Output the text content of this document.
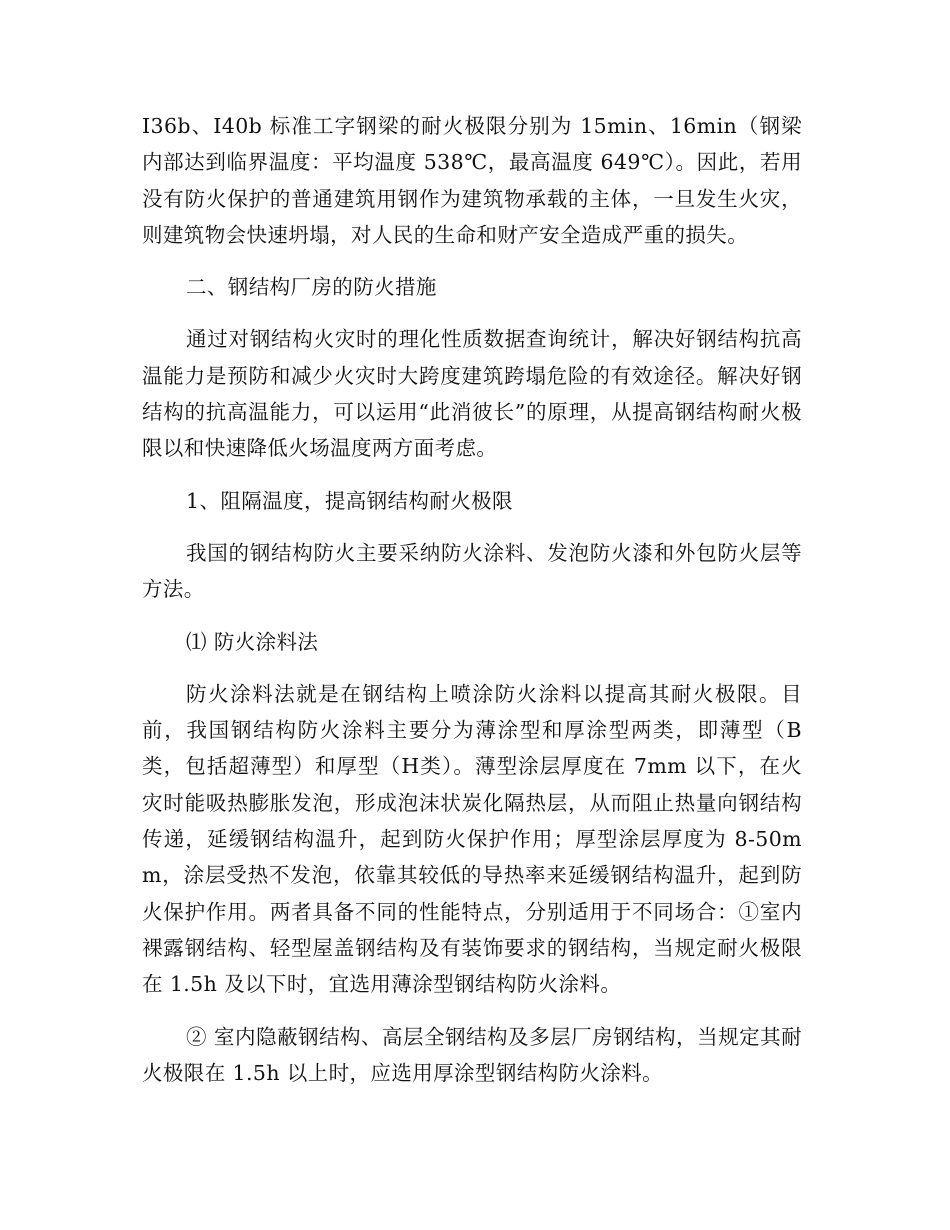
I36b、I40b 标准工字钢梁的耐火极限分别为 15min、16min（钢梁内部达到临界温度：平均温度 538℃，最高温度 649℃）。因此，若用没有防火保护的普通建筑用钢作为建筑物承载的主体，一旦发生火灾，则建筑物会快速坍塌，对人民的生命和财产安全造成严重的损失。

二、钢结构厂房的防火措施

通过对钢结构火灾时的理化性质数据查询统计，解决好钢结构抗高温能力是预防和减少火灾时大跨度建筑跨塌危险的有效途径。解决好钢结构的抗高温能力，可以运用“此消彼长”的原理，从提高钢结构耐火极限以和快速降低火场温度两方面考虑。

1、阻隔温度，提高钢结构耐火极限

我国的钢结构防火主要采纳防火涂料、发泡防火漆和外包防火层等方法。

⑴ 防火涂料法

防火涂料法就是在钢结构上喷涂防火涂料以提高其耐火极限。目前，我国钢结构防火涂料主要分为薄涂型和厚涂型两类，即薄型（B类，包括超薄型）和厚型（H类）。薄型涂层厚度在 7mm 以下，在火灾时能吸热膨胀发泡，形成泡沫状炭化隔热层，从而阻止热量向钢结构传递，延缓钢结构温升，起到防火保护作用；厚型涂层厚度为 8-50mm，涂层受热不发泡，依靠其较低的导热率来延缓钢结构温升，起到防火保护作用。两者具备不同的性能特点，分别适用于不同场合：①室内裸露钢结构、轻型屋盖钢结构及有装饰要求的钢结构，当规定耐火极限在 1.5h 及以下时，宜选用薄涂型钢结构防火涂料。

② 室内隐蔽钢结构、高层全钢结构及多层厂房钢结构，当规定其耐火极限在 1.5h 以上时，应选用厚涂型钢结构防火涂料。
